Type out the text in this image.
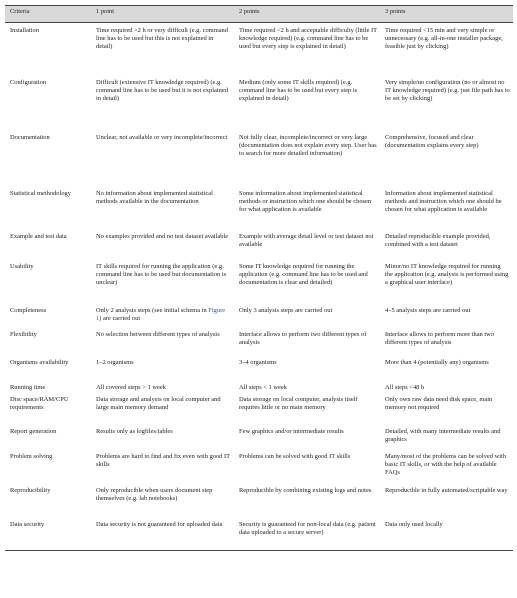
Criteria	1 point	2 points	3 points
Installation	Time required >2 h or very difficult (e.g. command line has to be used but this is not explained in detail)	Time required <2 h and acceptable difficulty (little IT knowledge required) (e.g. command line has to be used but every step is explained in detail)	Time required <15 min and very simple or unnecessary (e.g. all-in-one installer package, feasible just by clicking)
Configuration	Difficult (extensive IT knowledge required) (e.g. command line has to be used but it is not explained in detail)	Medium (only some IT skills required) (e.g. command line has to be used but every step is explained in detail)	Very simple/no configuration (no or almost no IT knowledge required) (e.g. just file path has to be set by clicking)
Documentation	Unclear, not available or very incomplete/incorrect	Not fully clear, incomplete/incorrect or very large (documentation does not explain every step. User has to search for more detailed information)	Comprehensive, focused and clear (documentation explains every step)
Statistical methodology	No information about implemented statistical methods available in the documentation	Some information about implemented statistical methods or instruction which one should be chosen for what application is available	Information about implemented statistical methods and instruction which one should be chosen for what application is available
Example and test data	No examples provided and no test dataset available	Example with average detail level or test dataset not available	Detailed reproducible example provided, combined with a test dataset
Usability	IT skills required for running the application (e.g. command line has to be used but documentation is unclear)	Some IT knowledge required for running the application (e.g. command line has to be used and documentation is clear and detailed)	Minor/no IT knowledge required for running the application (e.g. analysis is performed using a graphical user interface)
Completeness	Only 2 analysis steps (see initial schema in Figure 1) are carried out	Only 3 analysis steps are carried out	4–5 analysis steps are carried out
Flexibility	No selection between different types of analysis	Interface allows to perform two different types of analysis	Interface allows to perform more than two different types of analysis
Organisms availability	1–2 organisms	3–4 organisms	More than 4 (potentially any) organisms
Running time	All covered steps > 1 week	All steps < 1 week	All steps <48 h
Disc space/RAM/CPU requirements	Data storage and analysis on local computer and large main memory demand	Data storage on local computer, analysis itself requires little or no main memory	Only own raw data need disk space, main memory not required
Report generation	Results only as logfiles/tables	Few graphics and/or intermediate results	Detailed, with many intermediate results and graphics
Problem solving	Problems are hard to find and fix even with good IT skills	Problems can be solved with good IT skills	Many/most of the problems can be solved with basic IT skills, or with the help of available FAQs
Reproducibility	Only reproducible when users document step themselves (e.g. lab notebooks)	Reproducible by combining existing logs and notes	Reproducible in fully automated/scriptable way
Data security	Data security is not guaranteed for uploaded data	Security is guaranteed for non-local data (e.g. patient data uploaded to a secure server)	Data only used locally
